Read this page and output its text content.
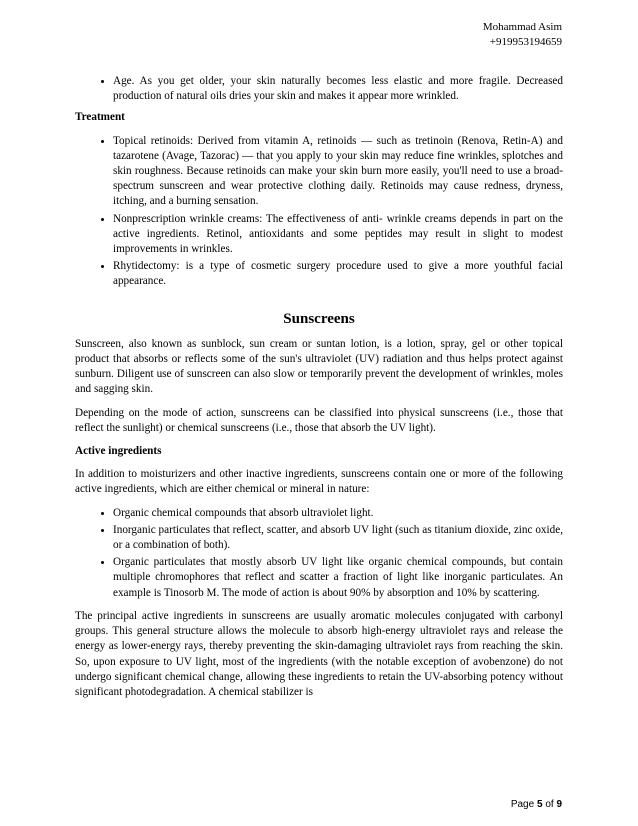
Mohammad Asim
+919953194659
• Age. As you get older, your skin naturally becomes less elastic and more fragile. Decreased production of natural oils dries your skin and makes it appear more wrinkled.
Treatment
• Topical retinoids: Derived from vitamin A, retinoids — such as tretinoin (Renova, Retin-A) and tazarotene (Avage, Tazorac) — that you apply to your skin may reduce fine wrinkles, splotches and skin roughness. Because retinoids can make your skin burn more easily, you'll need to use a broad-spectrum sunscreen and wear protective clothing daily. Retinoids may cause redness, dryness, itching, and a burning sensation.
• Nonprescription wrinkle creams: The effectiveness of anti- wrinkle creams depends in part on the active ingredients. Retinol, antioxidants and some peptides may result in slight to modest improvements in wrinkles.
• Rhytidectomy: is a type of cosmetic surgery procedure used to give a more youthful facial appearance.
Sunscreens

Sunscreen, also known as sunblock, sun cream or suntan lotion, is a lotion, spray, gel or other topical product that absorbs or reflects some of the sun's ultraviolet (UV) radiation and thus helps protect against sunburn. Diligent use of sunscreen can also slow or temporarily prevent the development of wrinkles, moles and sagging skin.

Depending on the mode of action, sunscreens can be classified into physical sunscreens (i.e., those that reflect the sunlight) or chemical sunscreens (i.e., those that absorb the UV light).

Active ingredients

In addition to moisturizers and other inactive ingredients, sunscreens contain one or more of the following active ingredients, which are either chemical or mineral in nature:

• Organic chemical compounds that absorb ultraviolet light.
• Inorganic particulates that reflect, scatter, and absorb UV light (such as titanium dioxide, zinc oxide, or a combination of both).
• Organic particulates that mostly absorb UV light like organic chemical compounds, but contain multiple chromophores that reflect and scatter a fraction of light like inorganic particulates. An example is Tinosorb M. The mode of action is about 90% by absorption and 10% by scattering.

The principal active ingredients in sunscreens are usually aromatic molecules conjugated with carbonyl groups. This general structure allows the molecule to absorb high-energy ultraviolet rays and release the energy as lower-energy rays, thereby preventing the skin-damaging ultraviolet rays from reaching the skin. So, upon exposure to UV light, most of the ingredients (with the notable exception of avobenzone) do not undergo significant chemical change, allowing these ingredients to retain the UV-absorbing potency without significant photodegradation. A chemical stabilizer is

Page 5 of 9
